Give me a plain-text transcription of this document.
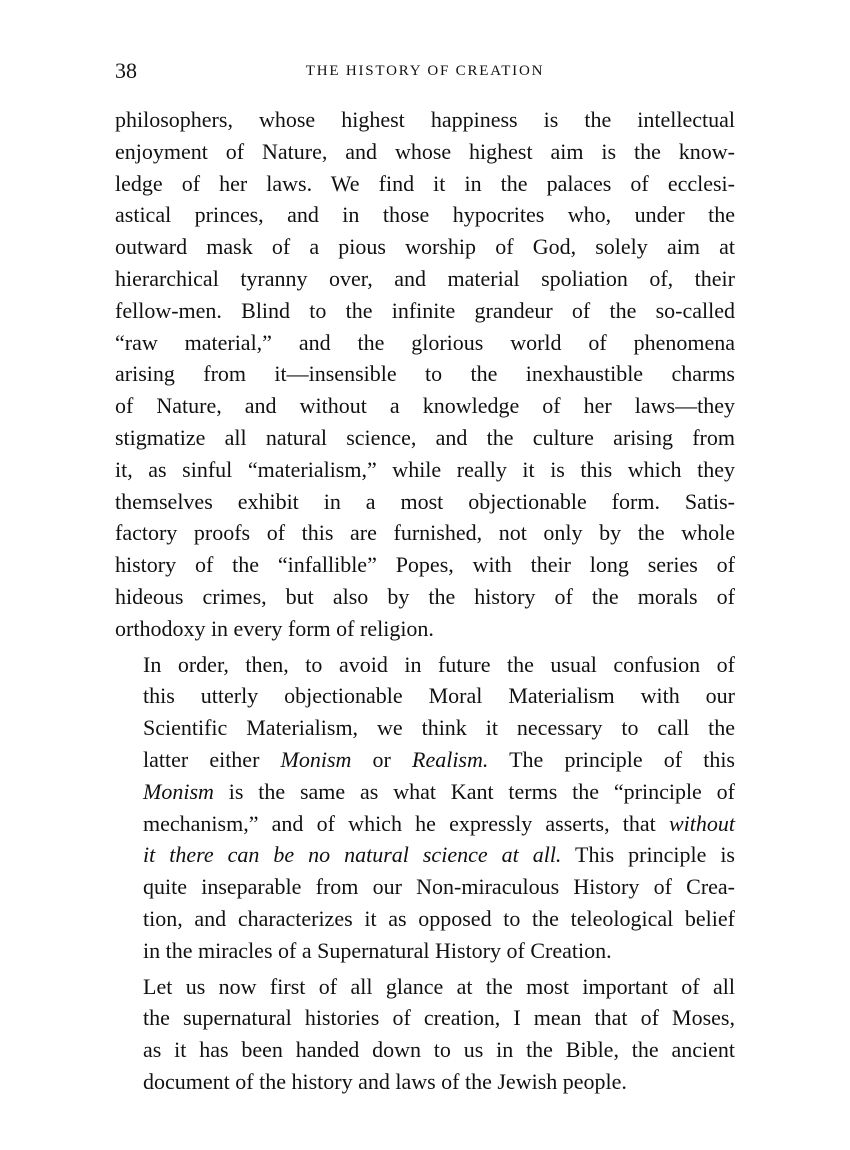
38	THE HISTORY OF CREATION

philosophers, whose highest happiness is the intellectual
enjoyment of Nature, and whose highest aim is the know-
ledge of her laws. We find it in the palaces of ecclesi-
astical princes, and in those hypocrites who, under the
outward mask of a pious worship of God, solely aim at
hierarchical tyranny over, and material spoliation of, their
fellow-men. Blind to the infinite grandeur of the so-called
“raw material,” and the glorious world of phenomena
arising from it—insensible to the inexhaustible charms
of Nature, and without a knowledge of her laws—they
stigmatize all natural science, and the culture arising from
it, as sinful “materialism,” while really it is this which they
themselves exhibit in a most objectionable form. Satis-
factory proofs of this are furnished, not only by the whole
history of the “infallible” Popes, with their long series of
hideous crimes, but also by the history of the morals of
orthodoxy in every form of religion.

In order, then, to avoid in future the usual confusion of
this utterly objectionable Moral Materialism with our
Scientific Materialism, we think it necessary to call the
latter either Monism or Realism. The principle of this
Monism is the same as what Kant terms the “principle of
mechanism,” and of which he expressly asserts, that without
it there can be no natural science at all. This principle is
quite inseparable from our Non-miraculous History of Crea-
tion, and characterizes it as opposed to the teleological belief
in the miracles of a Supernatural History of Creation.

Let us now first of all glance at the most important of all
the supernatural histories of creation, I mean that of Moses,
as it has been handed down to us in the Bible, the ancient
document of the history and laws of the Jewish people.
